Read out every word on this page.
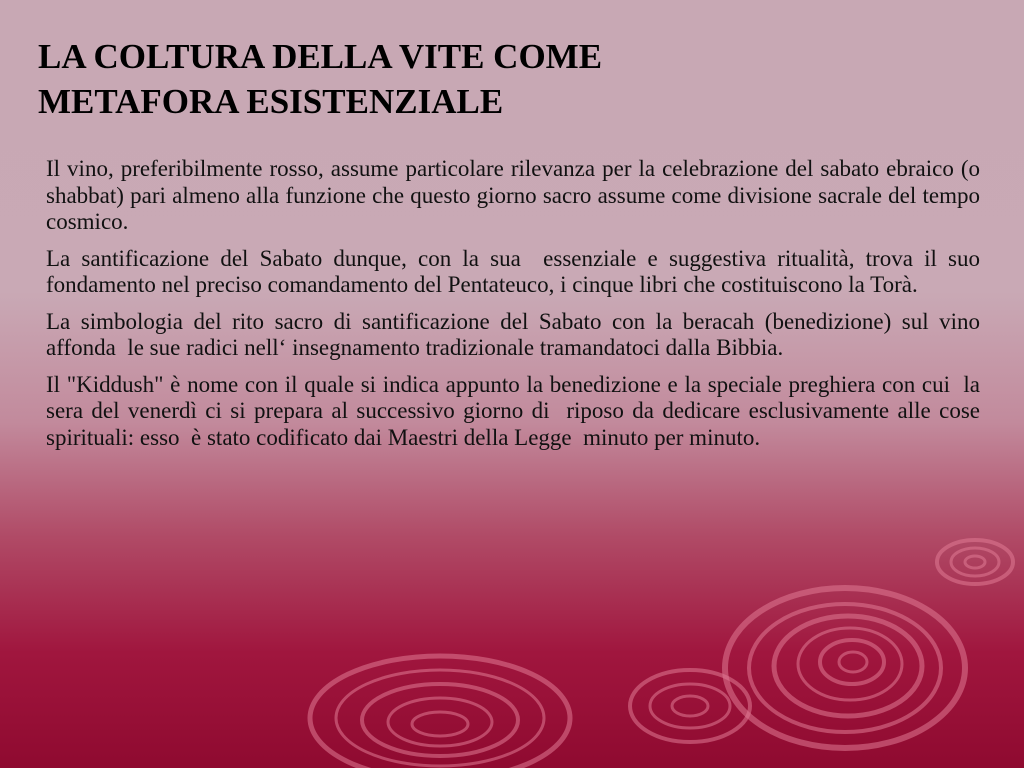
LA COLTURA DELLA VITE COME
METAFORA ESISTENZIALE

Il vino, preferibilmente rosso, assume particolare rilevanza per la celebrazione del sabato ebraico (o shabbat) pari almeno alla funzione che questo giorno sacro assume come divisione sacrale del tempo cosmico.

La santificazione del Sabato dunque, con la sua  essenziale e suggestiva ritualità, trova il suo fondamento nel preciso comandamento del Pentateuco, i cinque libri che costituiscono la Torà.

La simbologia del rito sacro di santificazione del Sabato con la beracah (benedizione) sul vino  affonda  le sue radici nell‘ insegnamento tradizionale tramandatoci dalla Bibbia.

Il "Kiddush" è nome con il quale si indica appunto la benedizione e la speciale preghiera con cui  la sera del venerdì ci si prepara al successivo giorno di  riposo da dedicare esclusivamente alle cose spirituali: esso  è stato codificato dai Maestri della Legge  minuto per minuto.
